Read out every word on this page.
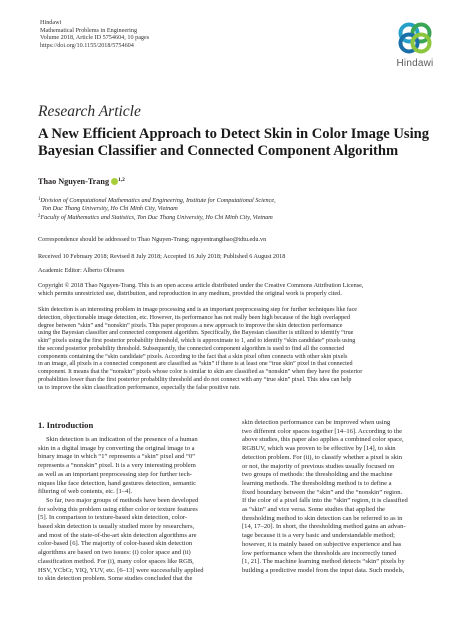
Hindawi
Mathematical Problems in Engineering
Volume 2018, Article ID 5754604, 10 pages
https://doi.org/10.1155/2018/5754604
Hindawi
Research Article
A New Efficient Approach to Detect Skin in Color Image Using Bayesian Classifier and Connected Component Algorithm
Thao Nguyen-Trang $^{1,2}$
$^1$Division of Computational Mathematics and Engineering, Institute for Computational Science,
Ton Duc Thang University, Ho Chi Minh City, Vietnam
$^2$Faculty of Mathematics and Statistics, Ton Duc Thang University, Ho Chi Minh City, Vietnam
Correspondence should be addressed to Thao Nguyen-Trang; nguyentrangthao@tdtu.edu.vn
Received 10 February 2018; Revised 8 July 2018; Accepted 16 July 2018; Published 6 August 2018
Academic Editor: Alberto Olivares
Copyright © 2018 Thao Nguyen-Trang. This is an open access article distributed under the Creative Commons Attribution License,
which permits unrestricted use, distribution, and reproduction in any medium, provided the original work is properly cited.
Skin detection is an interesting problem in image processing and is an important preprocessing step for further techniques like face
detection, objectionable image detection, etc. However, its performance has not really been high because of the high overlapped
degree between “skin” and “nonskin” pixels. This paper proposes a new approach to improve the skin detection performance
using the Bayesian classifier and connected component algorithm. Specifically, the Bayesian classifier is utilized to identify “true
skin” pixels using the first posterior probability threshold, which is approximate to 1, and to identify “skin candidate” pixels using
the second posterior probability threshold. Subsequently, the connected component algorithm is used to find all the connected
components containing the “skin candidate” pixels. According to the fact that a skin pixel often connects with other skin pixels
in an image, all pixels in a connected component are classified as “skin” if there is at least one “true skin” pixel in that connected
component. It means that the “nonskin” pixels whose color is similar to skin are classified as “nonskin” when they have the posterior
probabilities lower than the first posterior probability threshold and do not connect with any “true skin” pixel. This idea can help
us to improve the skin classification performance, especially the false positive rate.
1. Introduction
Skin detection is an indication of the presence of a human
skin in a digital image by converting the original image to a
binary image in which “1” represents a “skin” pixel and “0”
represents a “nonskin” pixel. It is a very interesting problem
as well as an important preprocessing step for further tech-
niques like face detection, hand gestures detection, semantic
filtering of web contents, etc. [1–4].
So far, two major groups of methods have been developed
for solving this problem using either color or texture features
[5]. In comparison to texture-based skin detection, color-
based skin detection is usually studied more by researchers,
and most of the state-of-the-art skin detection algorithms are
color-based [6]. The majority of color-based skin detection
algorithms are based on two issues: (i) color space and (ii)
classification method. For (i), many color spaces like RGB,
HSV, YCbCr, YIQ, YUV, etc. [6–13] were successfully applied
to skin detection problem. Some studies concluded that the
skin detection performance can be improved when using
two different color spaces together [14–16]. According to the
above studies, this paper also applies a combined color space,
RGBUV, which was proven to be effective by [14], to skin
detection problem. For (ii), to classify whether a pixel is skin
or not, the majority of previous studies usually focused on
two groups of methods: the thresholding and the machine
learning methods. The thresholding method is to define a
fixed boundary between the “skin” and the “nonskin” region.
If the color of a pixel falls into the “skin” region, it is classified
as “skin” and vice versa. Some studies that applied the
thresholding method to skin detection can be referred to as in
[14, 17–20]. In short, the thresholding method gains an advan-
tage because it is a very basic and understandable method;
however, it is mainly based on subjective experience and has
low performance when the thresholds are incorrectly tuned
[1, 21]. The machine learning method detects “skin” pixels by
building a predictive model from the input data. Such models,
